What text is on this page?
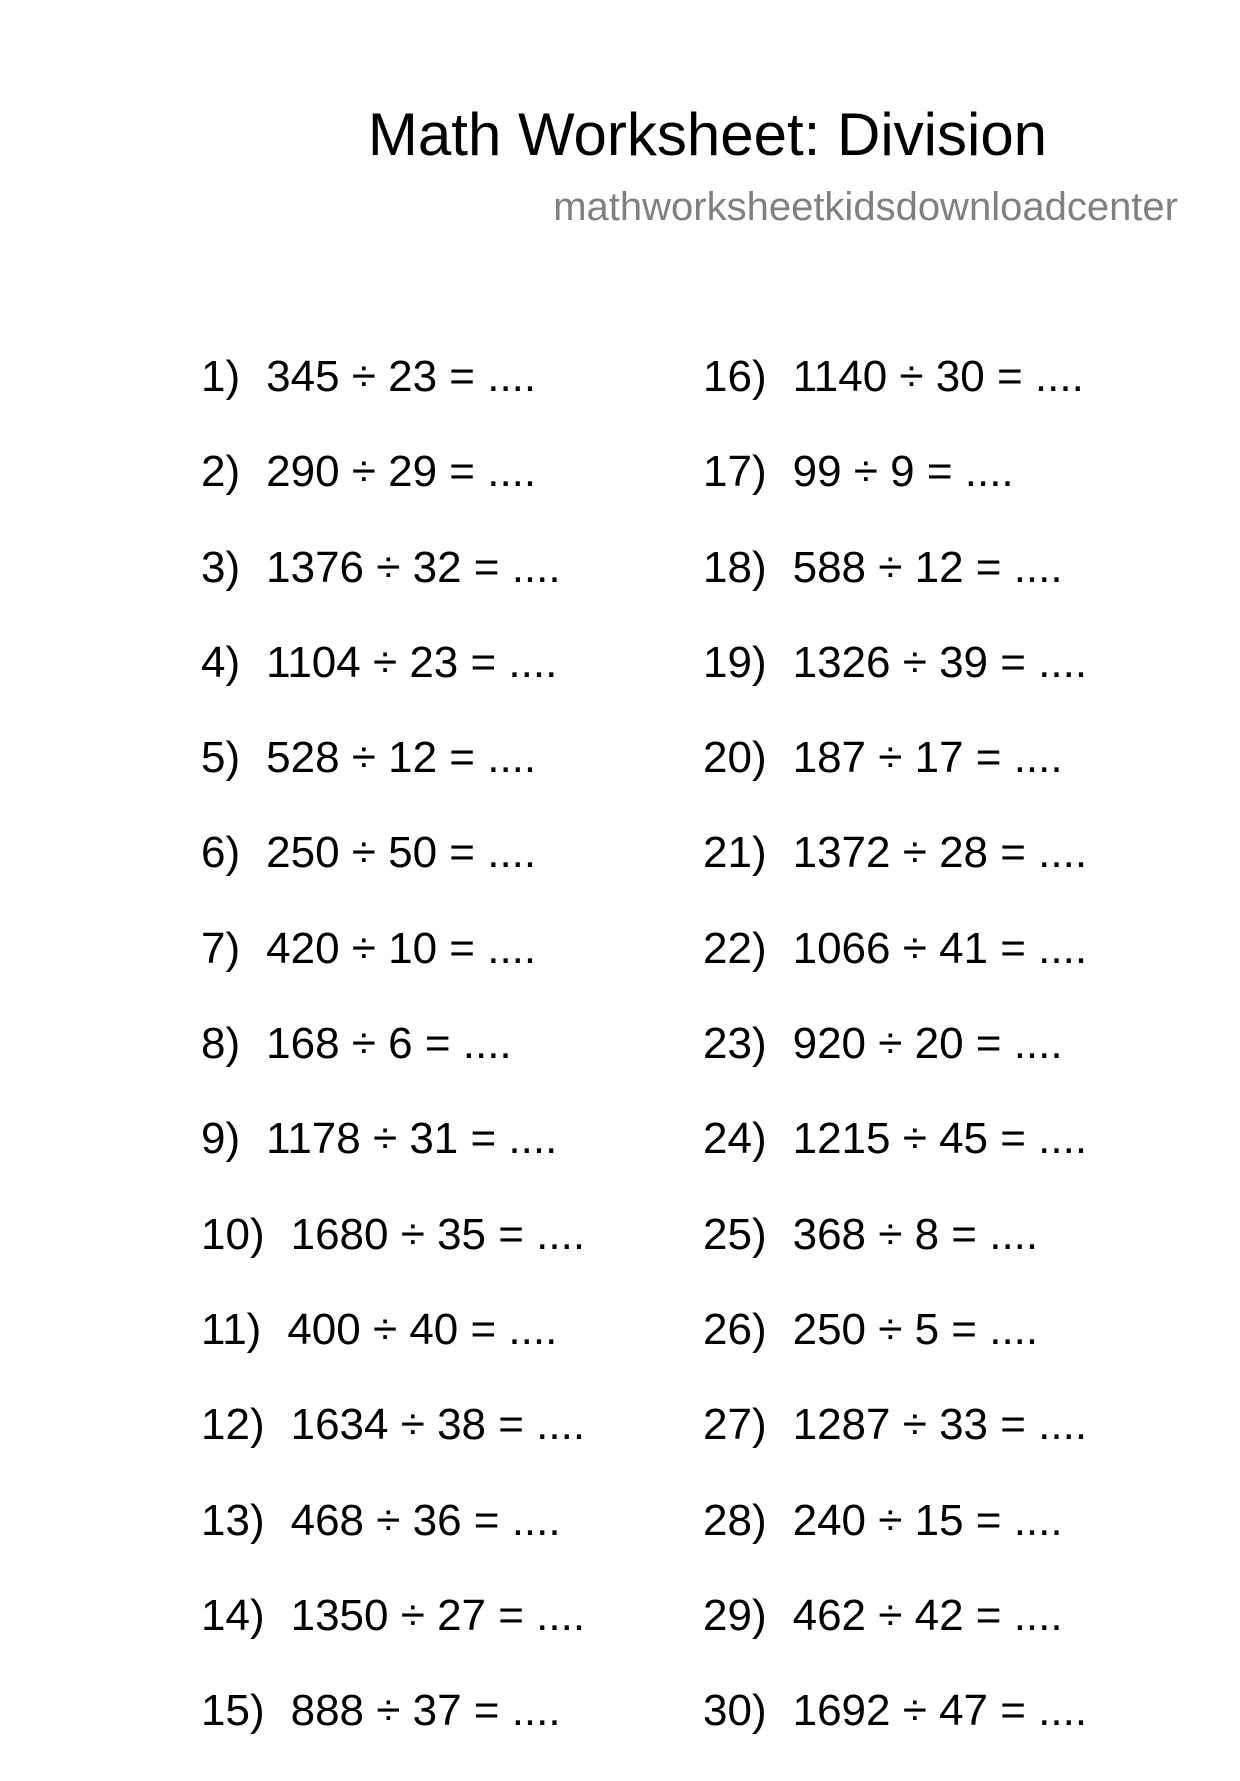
Math Worksheet: Division
mathworksheetkidsdownloadcenter
1) 345 ÷ 23 = ....
2) 290 ÷ 29 = ....
3) 1376 ÷ 32 = ....
4) 1104 ÷ 23 = ....
5) 528 ÷ 12 = ....
6) 250 ÷ 50 = ....
7) 420 ÷ 10 = ....
8) 168 ÷ 6 = ....
9) 1178 ÷ 31 = ....
10) 1680 ÷ 35 = ....
11) 400 ÷ 40 = ....
12) 1634 ÷ 38 = ....
13) 468 ÷ 36 = ....
14) 1350 ÷ 27 = ....
15) 888 ÷ 37 = ....
16) 1140 ÷ 30 = ....
17) 99 ÷ 9 = ....
18) 588 ÷ 12 = ....
19) 1326 ÷ 39 = ....
20) 187 ÷ 17 = ....
21) 1372 ÷ 28 = ....
22) 1066 ÷ 41 = ....
23) 920 ÷ 20 = ....
24) 1215 ÷ 45 = ....
25) 368 ÷ 8 = ....
26) 250 ÷ 5 = ....
27) 1287 ÷ 33 = ....
28) 240 ÷ 15 = ....
29) 462 ÷ 42 = ....
30) 1692 ÷ 47 = ....
